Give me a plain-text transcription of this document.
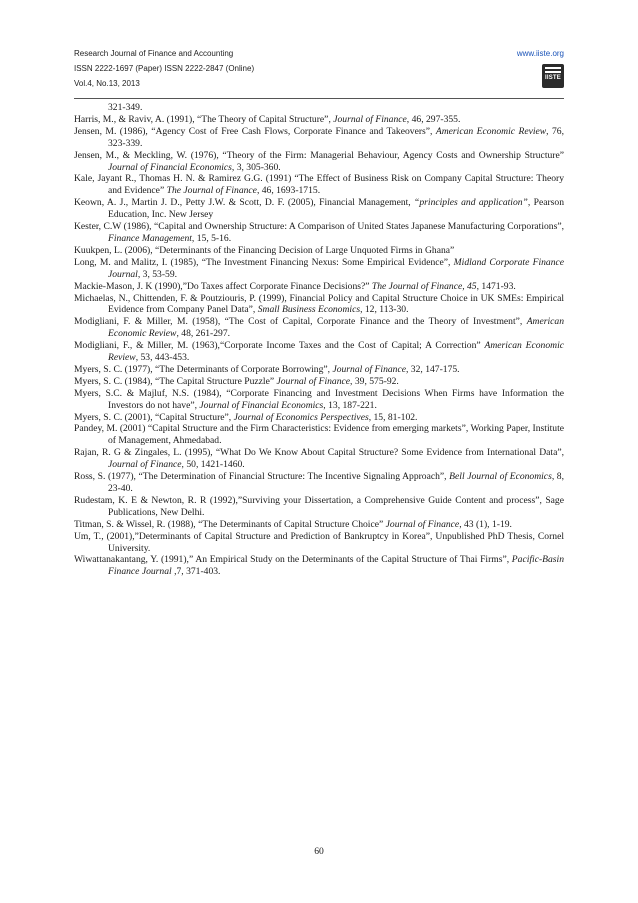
Research Journal of Finance and Accounting
ISSN 2222-1697 (Paper) ISSN 2222-2847 (Online)
Vol.4, No.13, 2013
www.iiste.org
IISTE

321-349.

Harris, M., & Raviv, A. (1991), “The Theory of Capital Structure”, Journal of Finance, 46, 297-355.

Jensen, M. (1986), “Agency Cost of Free Cash Flows, Corporate Finance and Takeovers”, American Economic Review, 76, 323-339.

Jensen, M., & Meckling, W. (1976), “Theory of the Firm: Managerial Behaviour, Agency Costs and Ownership Structure” Journal of Financial Economics, 3, 305-360.

Kale, Jayant R., Thomas H. N. & Ramirez G.G. (1991) “The Effect of Business Risk on Company Capital Structure: Theory and Evidence” The Journal of Finance, 46, 1693-1715.

Keown, A. J., Martin J. D., Petty J.W. & Scott, D. F. (2005), Financial Management, “principles and application”, Pearson Education, Inc. New Jersey

Kester, C.W (1986), “Capital and Ownership Structure: A Comparison of United States Japanese Manufacturing Corporations”, Finance Management, 15, 5-16.

Kuukpen, L. (2006), “Determinants of the Financing Decision of Large Unquoted Firms in Ghana”

Long, M. and Malitz, I. (1985), “The Investment Financing Nexus: Some Empirical Evidence”, Midland Corporate Finance Journal, 3, 53-59.

Mackie-Mason, J. K (1990),”Do Taxes affect Corporate Finance Decisions?” The Journal of Finance, 45, 1471-93.

Michaelas, N., Chittenden, F. & Poutziouris, P. (1999), Financial Policy and Capital Structure Choice in UK SMEs: Empirical Evidence from Company Panel Data”, Small Business Economics, 12, 113-30.

Modigliani, F. & Miller, M. (1958), “The Cost of Capital, Corporate Finance and the Theory of Investment”, American Economic Review, 48, 261-297.

Modigliani, F., & Miller, M. (1963),“Corporate Income Taxes and the Cost of Capital; A Correction” American Economic Review, 53, 443-453.

Myers, S. C. (1977), “The Determinants of Corporate Borrowing”, Journal of Finance, 32, 147-175.

Myers, S. C. (1984), “The Capital Structure Puzzle” Journal of Finance, 39, 575-92.

Myers, S.C. & Majluf, N.S. (1984), “Corporate Financing and Investment Decisions When Firms have Information the Investors do not have”, Journal of Financial Economics, 13, 187-221.

Myers, S. C. (2001), “Capital Structure”, Journal of Economics Perspectives, 15, 81-102.

Pandey, M. (2001) “Capital Structure and the Firm Characteristics: Evidence from emerging markets”, Working Paper, Institute of Management, Ahmedabad.

Rajan, R. G & Zingales, L. (1995), “What Do We Know About Capital Structure? Some Evidence from International Data”, Journal of Finance, 50, 1421-1460.

Ross, S. (1977), “The Determination of Financial Structure: The Incentive Signaling Approach”, Bell Journal of Economics, 8, 23-40.

Rudestam, K. E & Newton, R. R (1992),”Surviving your Dissertation, a Comprehensive Guide Content and process”, Sage Publications, New Delhi.

Titman, S. & Wissel, R. (1988), “The Determinants of Capital Structure Choice” Journal of Finance, 43 (1), 1-19.

Um, T., (2001),”Determinants of Capital Structure and Prediction of Bankruptcy in Korea”, Unpublished PhD Thesis, Cornel University.

Wiwattanakantang, Y. (1991),” An Empirical Study on the Determinants of the Capital Structure of Thai Firms”, Pacific-Basin Finance Journal ,7, 371-403.

60
